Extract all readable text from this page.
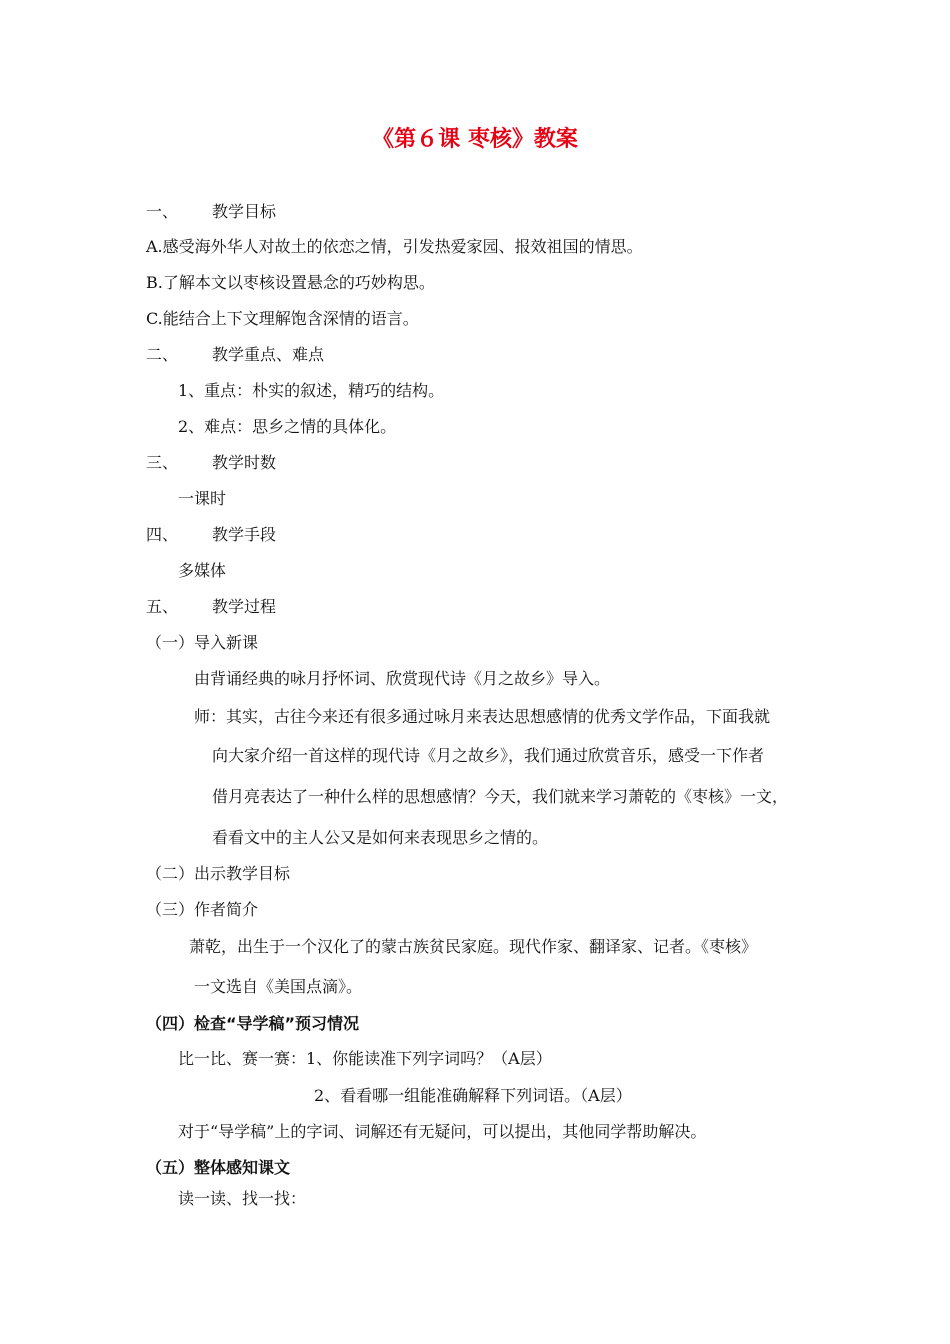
《第６课 枣核》教案
一、 教学目标
A.感受海外华人对故土的依恋之情，引发热爱家园、报效祖国的情思。
B.了解本文以枣核设置悬念的巧妙构思。
C.能结合上下文理解饱含深情的语言。
二、 教学重点、难点
1、重点：朴实的叙述，精巧的结构。
2、难点：思乡之情的具体化。
三、 教学时数
一课时
四、 教学手段
多媒体
五、 教学过程
（一）导入新课
由背诵经典的咏月抒怀词、欣赏现代诗《月之故乡》导入。
师：其实，古往今来还有很多通过咏月来表达思想感情的优秀文学作品，下面我就
向大家介绍一首这样的现代诗《月之故乡》，我们通过欣赏音乐，感受一下作者
借月亮表达了一种什么样的思想感情？今天，我们就来学习萧乾的《枣核》一文，
看看文中的主人公又是如何来表现思乡之情的。
（二）出示教学目标
（三）作者简介
萧乾，出生于一个汉化了的蒙古族贫民家庭。现代作家、翻译家、记者。《枣核》
一文选自《美国点滴》。
（四）检查“导学稿”预习情况
比一比、赛一赛：1、你能读准下列字词吗？（A层）
2、看看哪一组能准确解释下列词语。（A层）
对于“导学稿”上的字词、词解还有无疑问，可以提出，其他同学帮助解决。
（五）整体感知课文
读一读、找一找：
